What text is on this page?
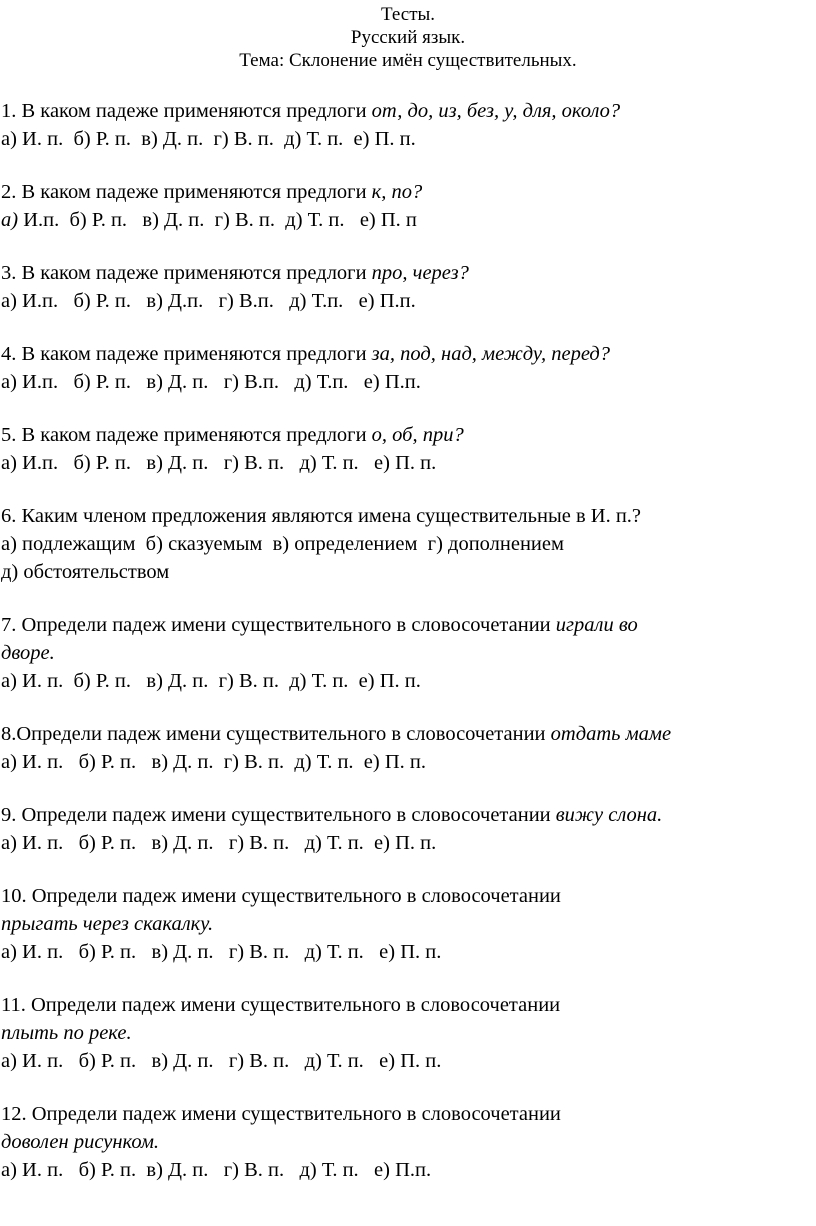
Тесты.
Русский язык.
Тема: Склонение имён существительных.
1. В каком падеже применяются предлоги от, до, из, без, у, для, около?
а) И. п.  б) Р. п.  в) Д. п.  г) В. п.  д) Т. п.  е) П. п.
2. В каком падеже применяются предлоги к, по?
а) И.п.  б) Р. п.   в) Д. п.  г) В. п.  д) Т. п.   е) П. п
3. В каком падеже применяются предлоги про, через?
а) И.п.   б) Р. п.   в) Д.п.   г) В.п.   д) Т.п.   е) П.п.
4. В каком падеже применяются предлоги за, под, над, между, перед?
а) И.п.   б) Р. п.   в) Д. п.   г) В.п.   д) Т.п.   е) П.п.
5. В каком падеже применяются предлоги о, об, при?
а) И.п.   б) Р. п.   в) Д. п.   г) В. п.   д) Т. п.   е) П. п.
6. Каким членом предложения являются имена существительные в И. п.?
а) подлежащим  б) сказуемым  в) определением  г) дополнением
д) обстоятельством
7. Определи падеж имени существительного в словосочетании играли во
дворе.
а) И. п.  б) Р. п.   в) Д. п.  г) В. п.  д) Т. п.  е) П. п.
8.Определи падеж имени существительного в словосочетании отдать маме
а) И. п.   б) Р. п.   в) Д. п.  г) В. п.  д) Т. п.  е) П. п.
9. Определи падеж имени существительного в словосочетании вижу слона.
а) И. п.   б) Р. п.   в) Д. п.   г) В. п.   д) Т. п.  е) П. п.
10. Определи падеж имени существительного в словосочетании
прыгать через скакалку.
а) И. п.   б) Р. п.   в) Д. п.   г) В. п.   д) Т. п.   е) П. п.
11. Определи падеж имени существительного в словосочетании
плыть по реке.
а) И. п.   б) Р. п.   в) Д. п.   г) В. п.   д) Т. п.   е) П. п.
12. Определи падеж имени существительного в словосочетании
доволен рисунком.
а) И. п.   б) Р. п.  в) Д. п.   г) В. п.   д) Т. п.   е) П.п.
